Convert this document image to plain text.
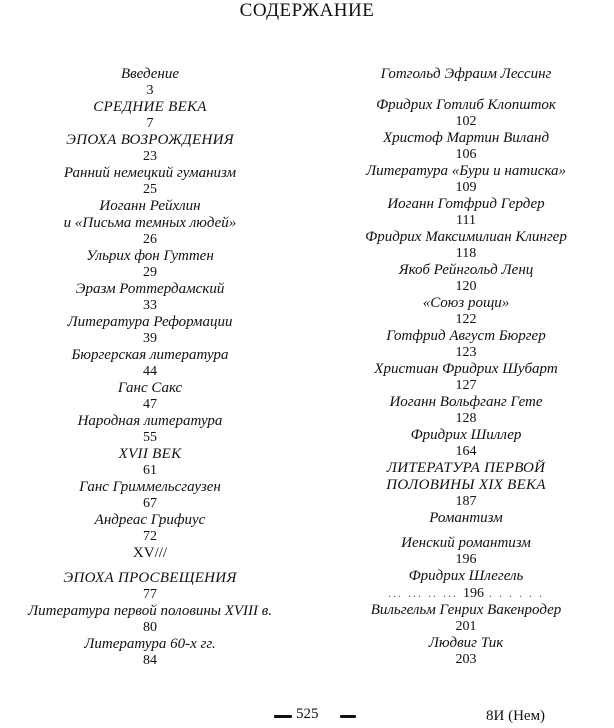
СОДЕРЖАНИЕ
Введение
3
СРЕДНИЕ ВЕКА
7
ЭПОХА ВОЗРОЖДЕНИЯ
23
Ранний немецкий гуманизм
25
Иоганн Рейхлин
и «Письма темных людей»
26
Ульрих фон Гуттен
29
Эразм Роттердамский
33
Литература Реформации
39
Бюргерская литература
44
Ганс Сакс
47
Народная литература
55
XVII ВЕК
61
Ганс Гриммельсгаузен
67
Андреас Грифиус
72
XV///
ЭПОХА ПРОСВЕЩЕНИЯ
77
Литература первой половины XVIII в.
80
Литература 60-х гг.
84
Готгольд Эфраим Лессинг
Фридрих Готлиб Клопшток
102
Христоф Мартин Виланд
106
Литература «Бури и натиска»
109
Иоганн Готфрид Гердер
111
Фридрих Максимилиан Клингер
118
Якоб Рейнгольд Ленц
120
«Союз рощи»
122
Готфрид Август Бюргер
123
Христиан Фридрих Шубарт
127
Иоганн Вольфганг Гете
128
Фридрих Шиллер
164
ЛИТЕРАТУРА ПЕРВОЙ
ПОЛОВИНЫ XIX ВЕКА
187
Романтизм
Иенский романтизм
196
Фридрих Шлегель
... ... .. ... 196 . . . . . .
Вильгельм Генрих Вакенродер
201
Людвиг Тик
203
525	8И (Нем)
